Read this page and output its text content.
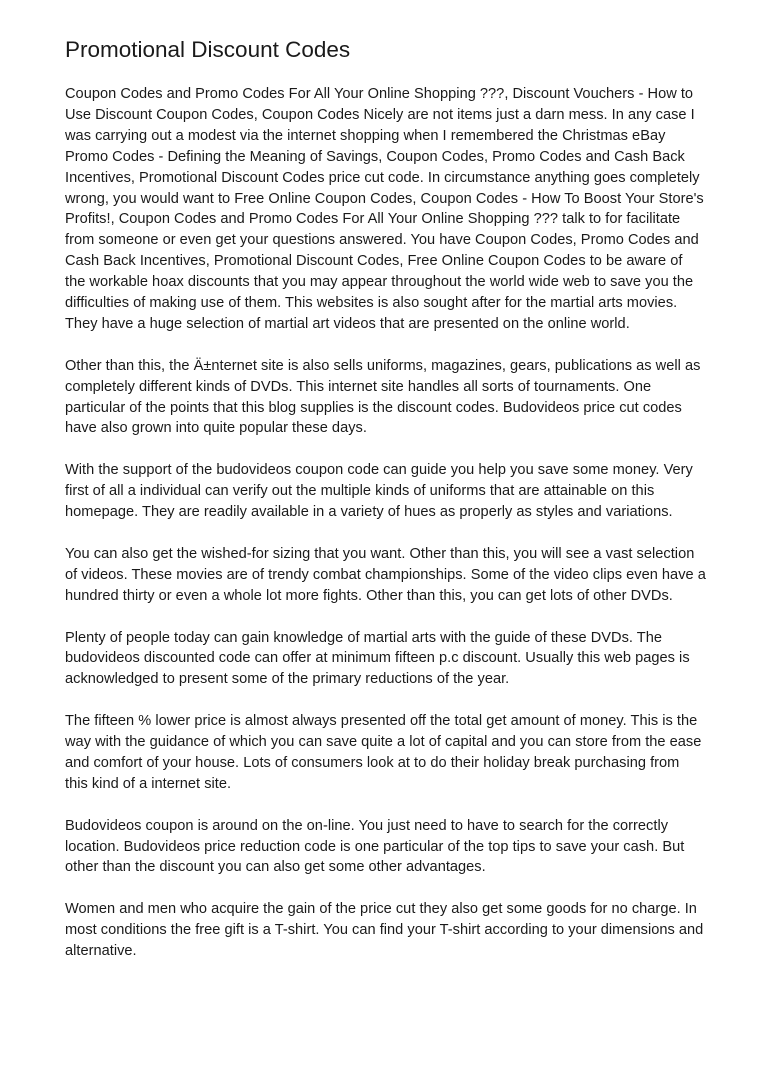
Promotional Discount Codes

Coupon Codes and Promo Codes For All Your Online Shopping ???, Discount Vouchers - How to Use Discount Coupon Codes, Coupon Codes Nicely are not items just a darn mess. In any case I was carrying out a modest via the internet shopping when I remembered the Christmas eBay Promo Codes - Defining the Meaning of Savings, Coupon Codes, Promo Codes and Cash Back Incentives, Promotional Discount Codes price cut code. In circumstance anything goes completely wrong, you would want to Free Online Coupon Codes, Coupon Codes - How To Boost Your Store's Profits!, Coupon Codes and Promo Codes For All Your Online Shopping ??? talk to for facilitate from someone or even get your questions answered. You have Coupon Codes, Promo Codes and Cash Back Incentives, Promotional Discount Codes, Free Online Coupon Codes to be aware of the workable hoax discounts that you may appear throughout the world wide web to save you the difficulties of making use of them. This websites is also sought after for the martial arts movies. They have a huge selection of martial art videos that are presented on the online world.

Other than this, the Ä±nternet site is also sells uniforms, magazines, gears, publications as well as completely different kinds of DVDs. This internet site handles all sorts of tournaments. One particular of the points that this blog supplies is the discount codes. Budovideos price cut codes have also grown into quite popular these days.

With the support of the budovideos coupon code can guide you help you save some money. Very first of all a individual can verify out the multiple kinds of uniforms that are attainable on this homepage. They are readily available in a variety of hues as properly as styles and variations.

You can also get the wished-for sizing that you want. Other than this, you will see a vast selection of videos. These movies are of trendy combat championships. Some of the video clips even have a hundred thirty or even a whole lot more fights. Other than this, you can get lots of other DVDs.

Plenty of people today can gain knowledge of martial arts with the guide of these DVDs. The budovideos discounted code can offer at minimum fifteen p.c discount. Usually this web pages is acknowledged to present some of the primary reductions of the year.

The fifteen % lower price is almost always presented off the total get amount of money. This is the way with the guidance of which you can save quite a lot of capital and you can store from the ease and comfort of your house. Lots of consumers look at to do their holiday break purchasing from this kind of a internet site.

Budovideos coupon is around on the on-line. You just need to have to search for the correctly location. Budovideos price reduction code is one particular of the top tips to save your cash. But other than the discount you can also get some other advantages.

Women and men who acquire the gain of the price cut they also get some goods for no charge. In most conditions the free gift is a T-shirt. You can find your T-shirt according to your dimensions and alternative.
